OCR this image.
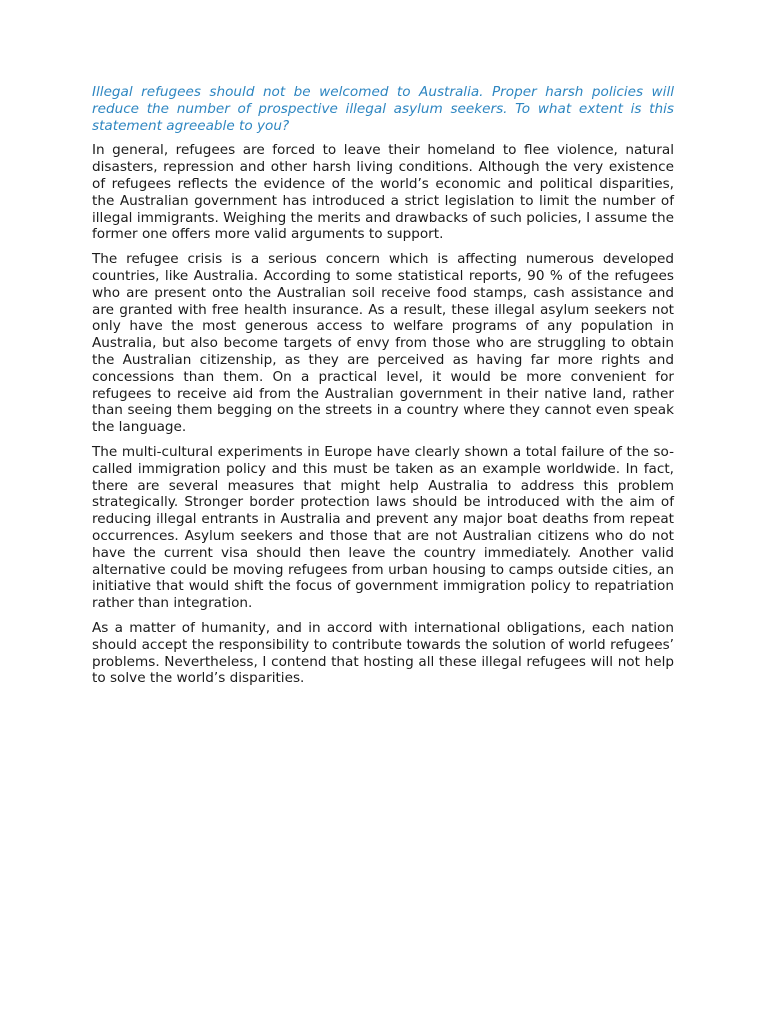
Illegal refugees should not be welcomed to Australia. Proper harsh policies will reduce the number of prospective illegal asylum seekers. To what extent is this statement agreeable to you?

In general, refugees are forced to leave their homeland to flee violence, natural disasters, repression and other harsh living conditions. Although the very existence of refugees reflects the evidence of the world’s economic and political disparities, the Australian government has introduced a strict legislation to limit the number of illegal immigrants. Weighing the merits and drawbacks of such policies, I assume the former one offers more valid arguments to support.

The refugee crisis is a serious concern which is affecting numerous developed countries, like Australia. According to some statistical reports, 90 % of the refugees who are present onto the Australian soil receive food stamps, cash assistance and are granted with free health insurance. As a result, these illegal asylum seekers not only have the most generous access to welfare programs of any population in Australia, but also become targets of envy from those who are struggling to obtain the Australian citizenship, as they are perceived as having far more rights and concessions than them. On a practical level, it would be more convenient for refugees to receive aid from the Australian government in their native land, rather than seeing them begging on the streets in a country where they cannot even speak the language.

The multi-cultural experiments in Europe have clearly shown a total failure of the so-called immigration policy and this must be taken as an example worldwide. In fact, there are several measures that might help Australia to address this problem strategically. Stronger border protection laws should be introduced with the aim of reducing illegal entrants in Australia and prevent any major boat deaths from repeat occurrences. Asylum seekers and those that are not Australian citizens who do not have the current visa should then leave the country immediately. Another valid alternative could be moving refugees from urban housing to camps outside cities, an initiative that would shift the focus of government immigration policy to repatriation rather than integration.

As a matter of humanity, and in accord with international obligations, each nation should accept the responsibility to contribute towards the solution of world refugees’ problems. Nevertheless, I contend that hosting all these illegal refugees will not help to solve the world’s disparities.
